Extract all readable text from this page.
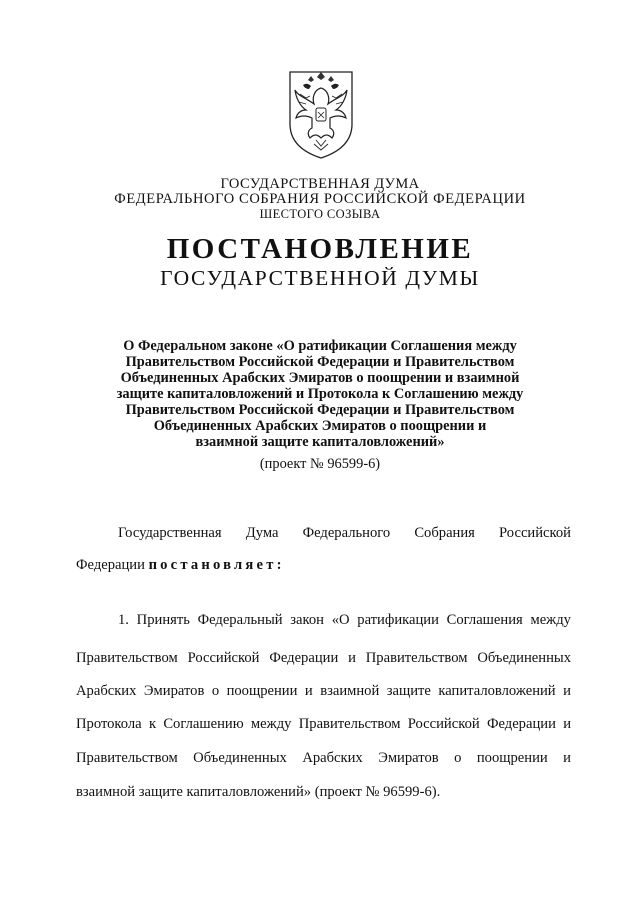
ГОСУДАРСТВЕННАЯ ДУМА
ФЕДЕРАЛЬНОГО СОБРАНИЯ РОССИЙСКОЙ ФЕДЕРАЦИИ
ШЕСТОГО СОЗЫВА
ПОСТАНОВЛЕНИЕ
ГОСУДАРСТВЕННОЙ ДУМЫ
О Федеральном законе «О ратификации Соглашения между
Правительством Российской Федерации и Правительством
Объединенных Арабских Эмиратов о поощрении и взаимной
защите капиталовложений и Протокола к Соглашению между
Правительством Российской Федерации и Правительством
Объединенных Арабских Эмиратов о поощрении и
взаимной защите капиталовложений»
(проект № 96599-6)
Государственная Дума Федерального Собрания Российской
Федерации постановляет:
1. Принять Федеральный закон «О ратификации Соглашения между
Правительством Российской Федерации и Правительством Объединенных
Арабских Эмиратов о поощрении и взаимной защите капиталовложений и
Протокола к Соглашению между Правительством Российской Федерации и
Правительством Объединенных Арабских Эмиратов о поощрении и
взаимной защите капиталовложений» (проект № 96599-6).
